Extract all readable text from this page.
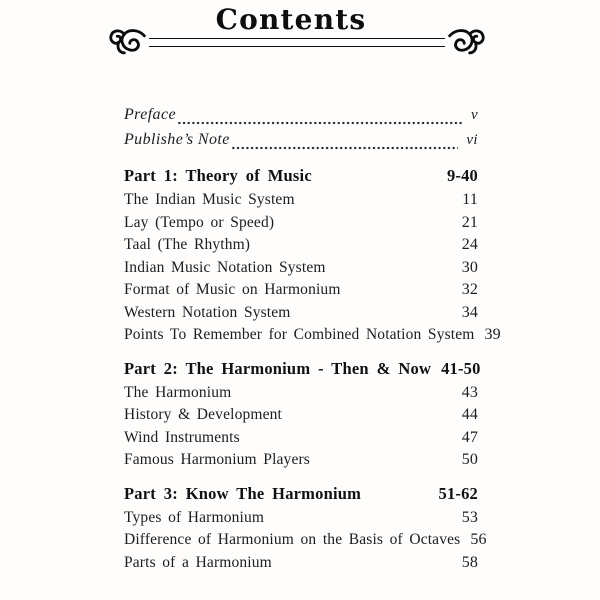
Contents
Preface	v
Publishe’s Note	vi
Part 1: Theory of Music	9-40
The Indian Music System	11
Lay (Tempo or Speed)	21
Taal (The Rhythm)	24
Indian Music Notation System	30
Format of Music on Harmonium	32
Western Notation System	34
Points To Remember for Combined Notation System 39
Part 2: The Harmonium - Then & Now 41-50
The Harmonium	43
History & Development	44
Wind Instruments	47
Famous Harmonium Players	50
Part 3: Know The Harmonium	51-62
Types of Harmonium	53
Difference of Harmonium on the Basis of Octaves 56
Parts of a Harmonium	58
